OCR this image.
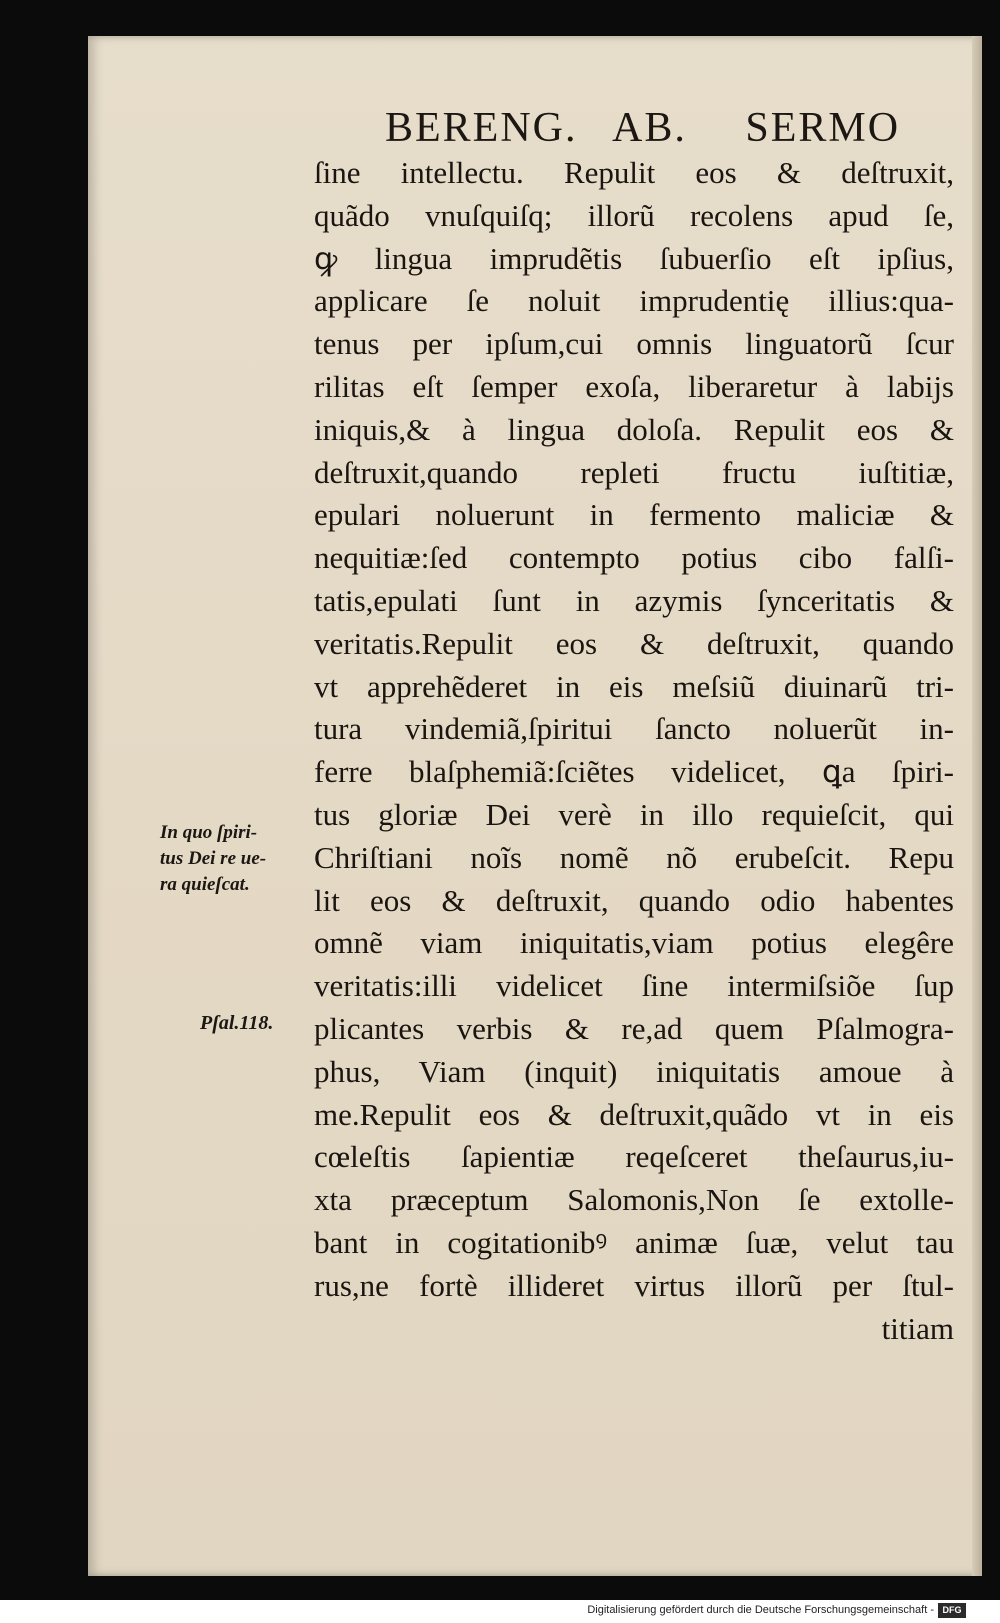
BERENG. AB. SERMO
ſine intellectu. Repulit eos & deſtruxit,
quãdo vnuſquiſq; illorũ recolens apud ſe,
ꝙ lingua imprudẽtis ſubuerſio eſt ipſius,
applicare ſe noluit imprudentię illius:qua-
tenus per ipſum,cui omnis linguatorũ ſcur
rilitas eſt ſemper exoſa, liberaretur à labijs
iniquis,& à lingua doloſa. Repulit eos &
deſtruxit,quando repleti fructu iuſtitiæ,
epulari noluerunt in fermento maliciæ &
nequitiæ:ſed contempto potius cibo falſi-
tatis,epulati ſunt in azymis ſynceritatis &
veritatis.Repulit eos & deſtruxit, quando
vt apprehẽderet in eis meſsiũ diuinarũ tri-
tura vindemiã,ſpiritui ſancto noluerũt in-
ferre blaſphemiã:ſciẽtes videlicet, ꝗa ſpiri-
tus gloriæ Dei verè in illo requieſcit, qui
Chriſtiani noĩs nomẽ nõ erubeſcit. Repu
lit eos & deſtruxit, quando odio habentes
omnẽ viam iniquitatis,viam potius elegêre
veritatis:illi videlicet ſine intermiſsiõe ſup
plicantes verbis & re,ad quem Pſalmogra-
phus, Viam (inquit) iniquitatis amoue à
me.Repulit eos & deſtruxit,quãdo vt in eis
cœleſtis ſapientiæ reqeſceret theſaurus,iu-
xta præceptum Salomonis,Non ſe extolle-
bant in cogitationibꝰ animæ ſuæ, velut tau
rus,ne fortè illideret virtus illorũ per ſtul-
titiam
In quo ſpiri-
tus Dei re ue-
ra quieſcat.
Pſal.118.
Digitalisierung gefördert durch die Deutsche Forschungsgemeinschaft - DFG
